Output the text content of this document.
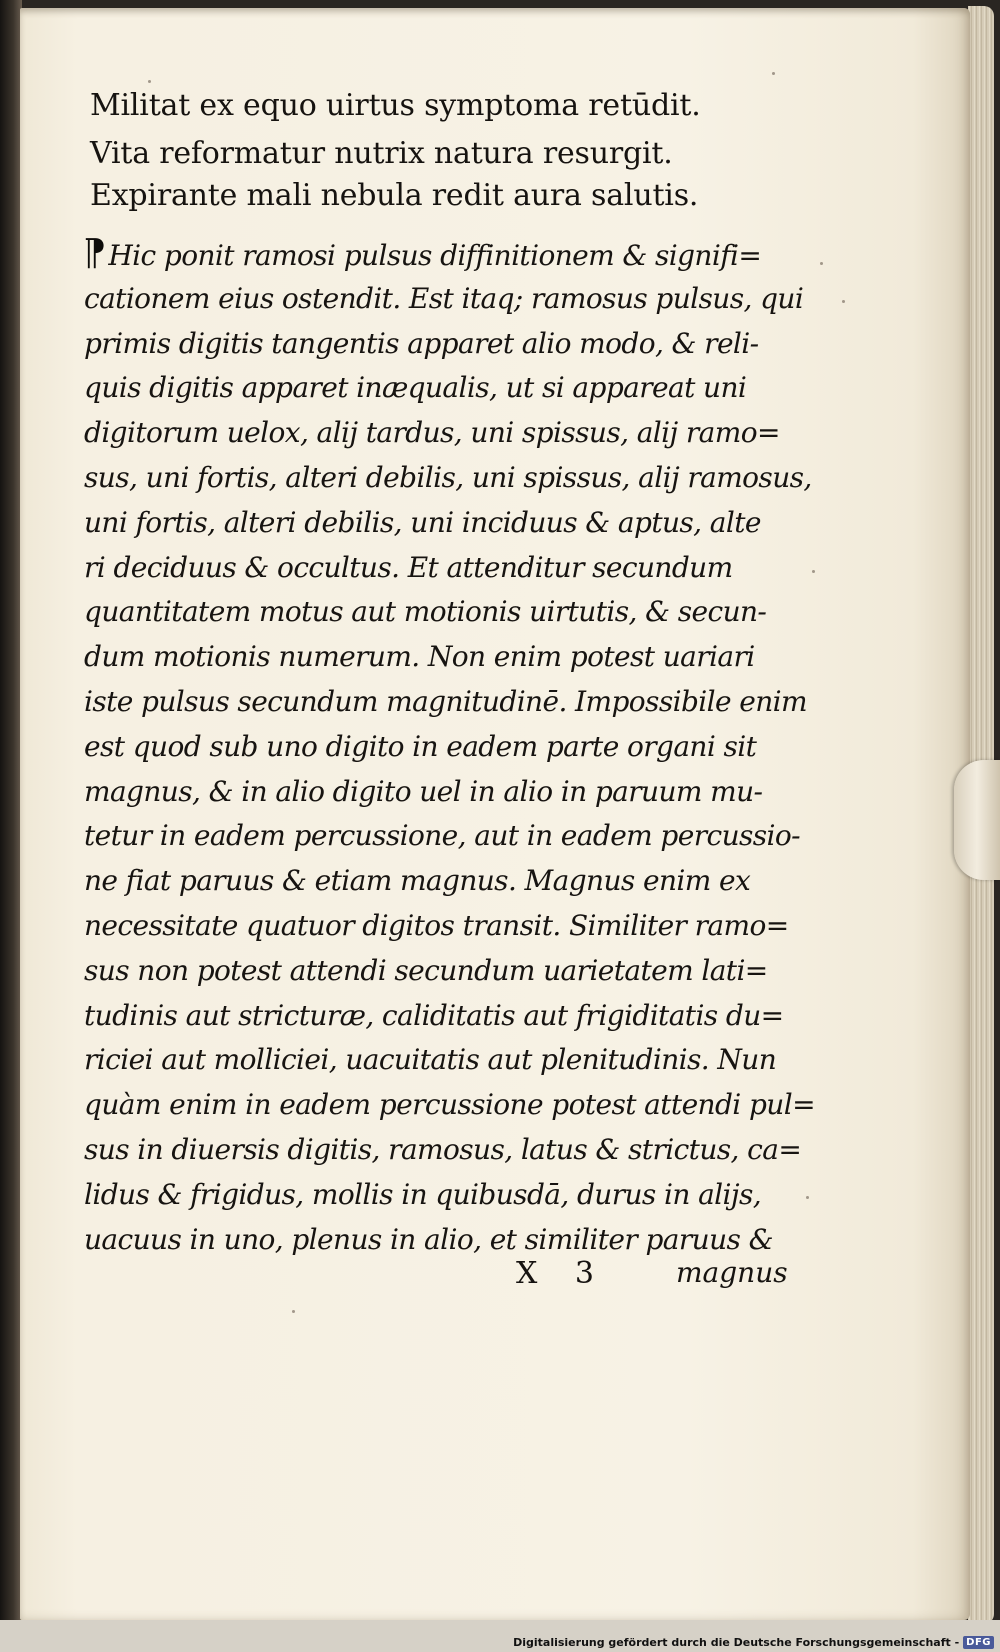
Militat ex equo uirtus symptoma retūdit.

Vita reformatur nutrix natura resurgit.

Expirante mali nebula redit aura salutis.

¶Hic ponit ramosi pulsus diffinitionem & signifi=
cationem eius ostendit. Est itaq; ramosus pulsus, qui
primis digitis tangentis apparet alio modo, & reli-
quis digitis apparet inæqualis, ut si appareat uni
digitorum uelox, alij tardus, uni spissus, alij ramo=
sus, uni fortis, alteri debilis, uni spissus, alij ramosus,
uni fortis, alteri debilis, uni inciduus & aptus, alte
ri deciduus & occultus. Et attenditur secundum
quantitatem motus aut motionis uirtutis, & secun-
dum motionis numerum. Non enim potest uariari
iste pulsus secundum magnitudinē. Impossibile enim
est quod sub uno digito in eadem parte organi sit
magnus, & in alio digito uel in alio in paruum mu-
tetur in eadem percussione, aut in eadem percussio-
ne fiat paruus & etiam magnus. Magnus enim ex
necessitate quatuor digitos transit. Similiter ramo=
sus non potest attendi secundum uarietatem lati=
tudinis aut stricturæ, caliditatis aut frigiditatis du=
riciei aut molliciei, uacuitatis aut plenitudinis. Nun
quàm enim in eadem percussione potest attendi pul=
sus in diuersis digitis, ramosus, latus & strictus, ca=
lidus & frigidus, mollis in quibusdā, durus in alijs,
uacuus in uno, plenus in alio, et similiter paruus &

X 3 magnus

Digitalisierung gefördert durch die Deutsche Forschungsgemeinschaft - DFG
